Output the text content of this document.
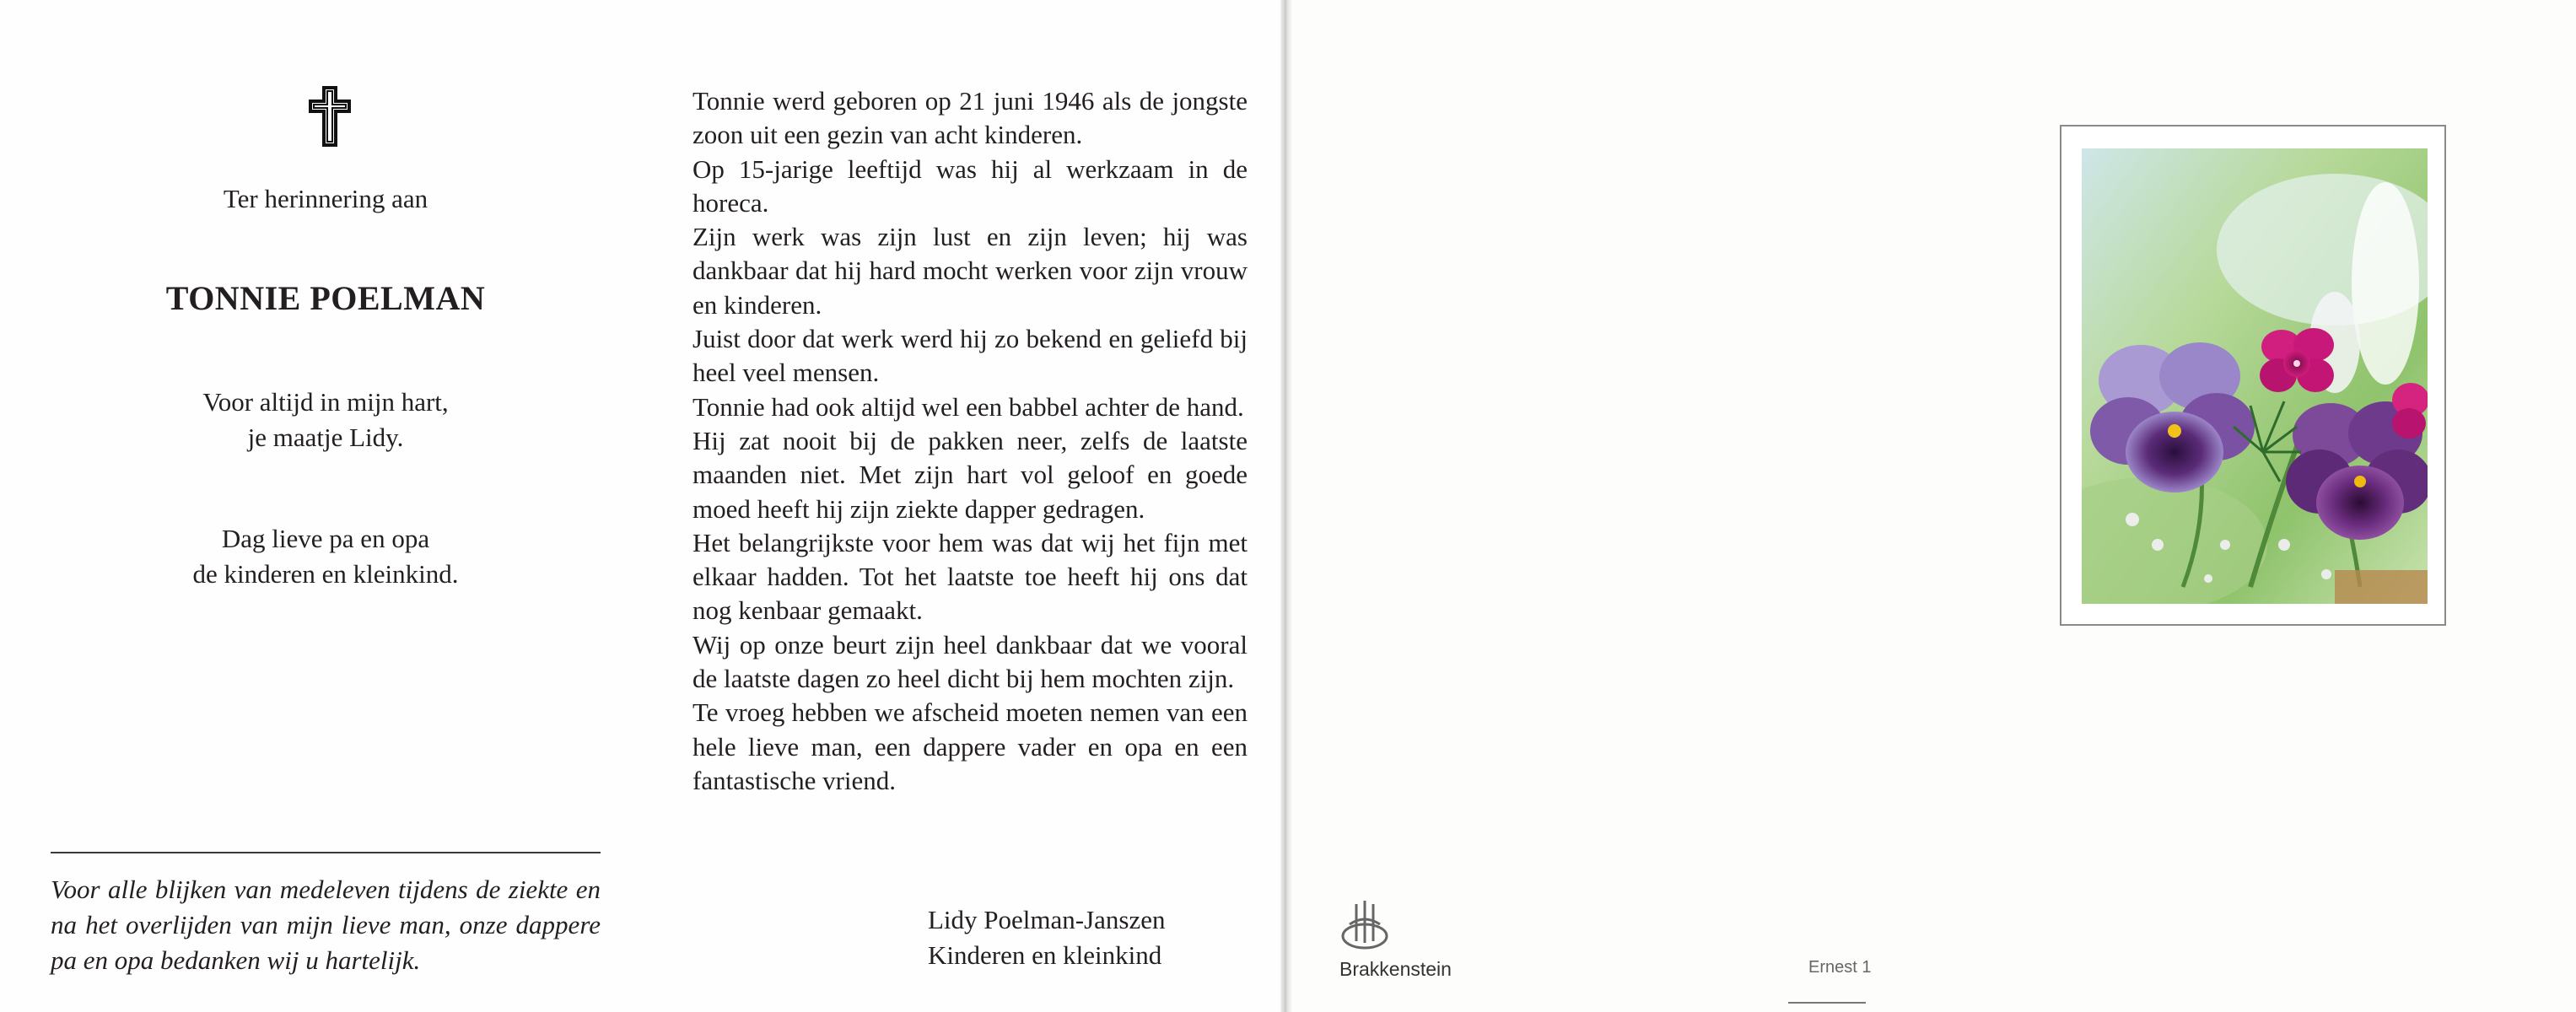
Ter herinnering aan
TONNIE POELMAN
Voor altijd in mijn hart,
je maatje Lidy.
Dag lieve pa en opa
de kinderen en kleinkind.
Voor alle blijken van medeleven tijdens de ziekte en na het overlijden van mijn lieve man, onze dappere pa en opa bedanken wij u hartelijk.

Tonnie werd geboren op 21 juni 1946 als de jongste zoon uit een gezin van acht kinderen.

Op 15-jarige leeftijd was hij al werkzaam in de horeca.

Zijn werk was zijn lust en zijn leven; hij was dankbaar dat hij hard mocht werken voor zijn vrouw en kinderen.

Juist door dat werk werd hij zo bekend en geliefd bij heel veel mensen.

Tonnie had ook altijd wel een babbel achter de hand.

Hij zat nooit bij de pakken neer, zelfs de laatste maanden niet. Met zijn hart vol geloof en goede moed heeft hij zijn ziekte dapper gedragen.

Het belangrijkste voor hem was dat wij het fijn met elkaar hadden. Tot het laatste toe heeft hij ons dat nog kenbaar gemaakt.

Wij op onze beurt zijn heel dankbaar dat we vooral de laatste dagen zo heel dicht bij hem mochten zijn.

Te vroeg hebben we afscheid moeten nemen van een hele lieve man, een dappere vader en opa en een fantastische vriend.

Lidy Poelman-Janszen
Kinderen en kleinkind	Brakkenstein	Ernest 1
